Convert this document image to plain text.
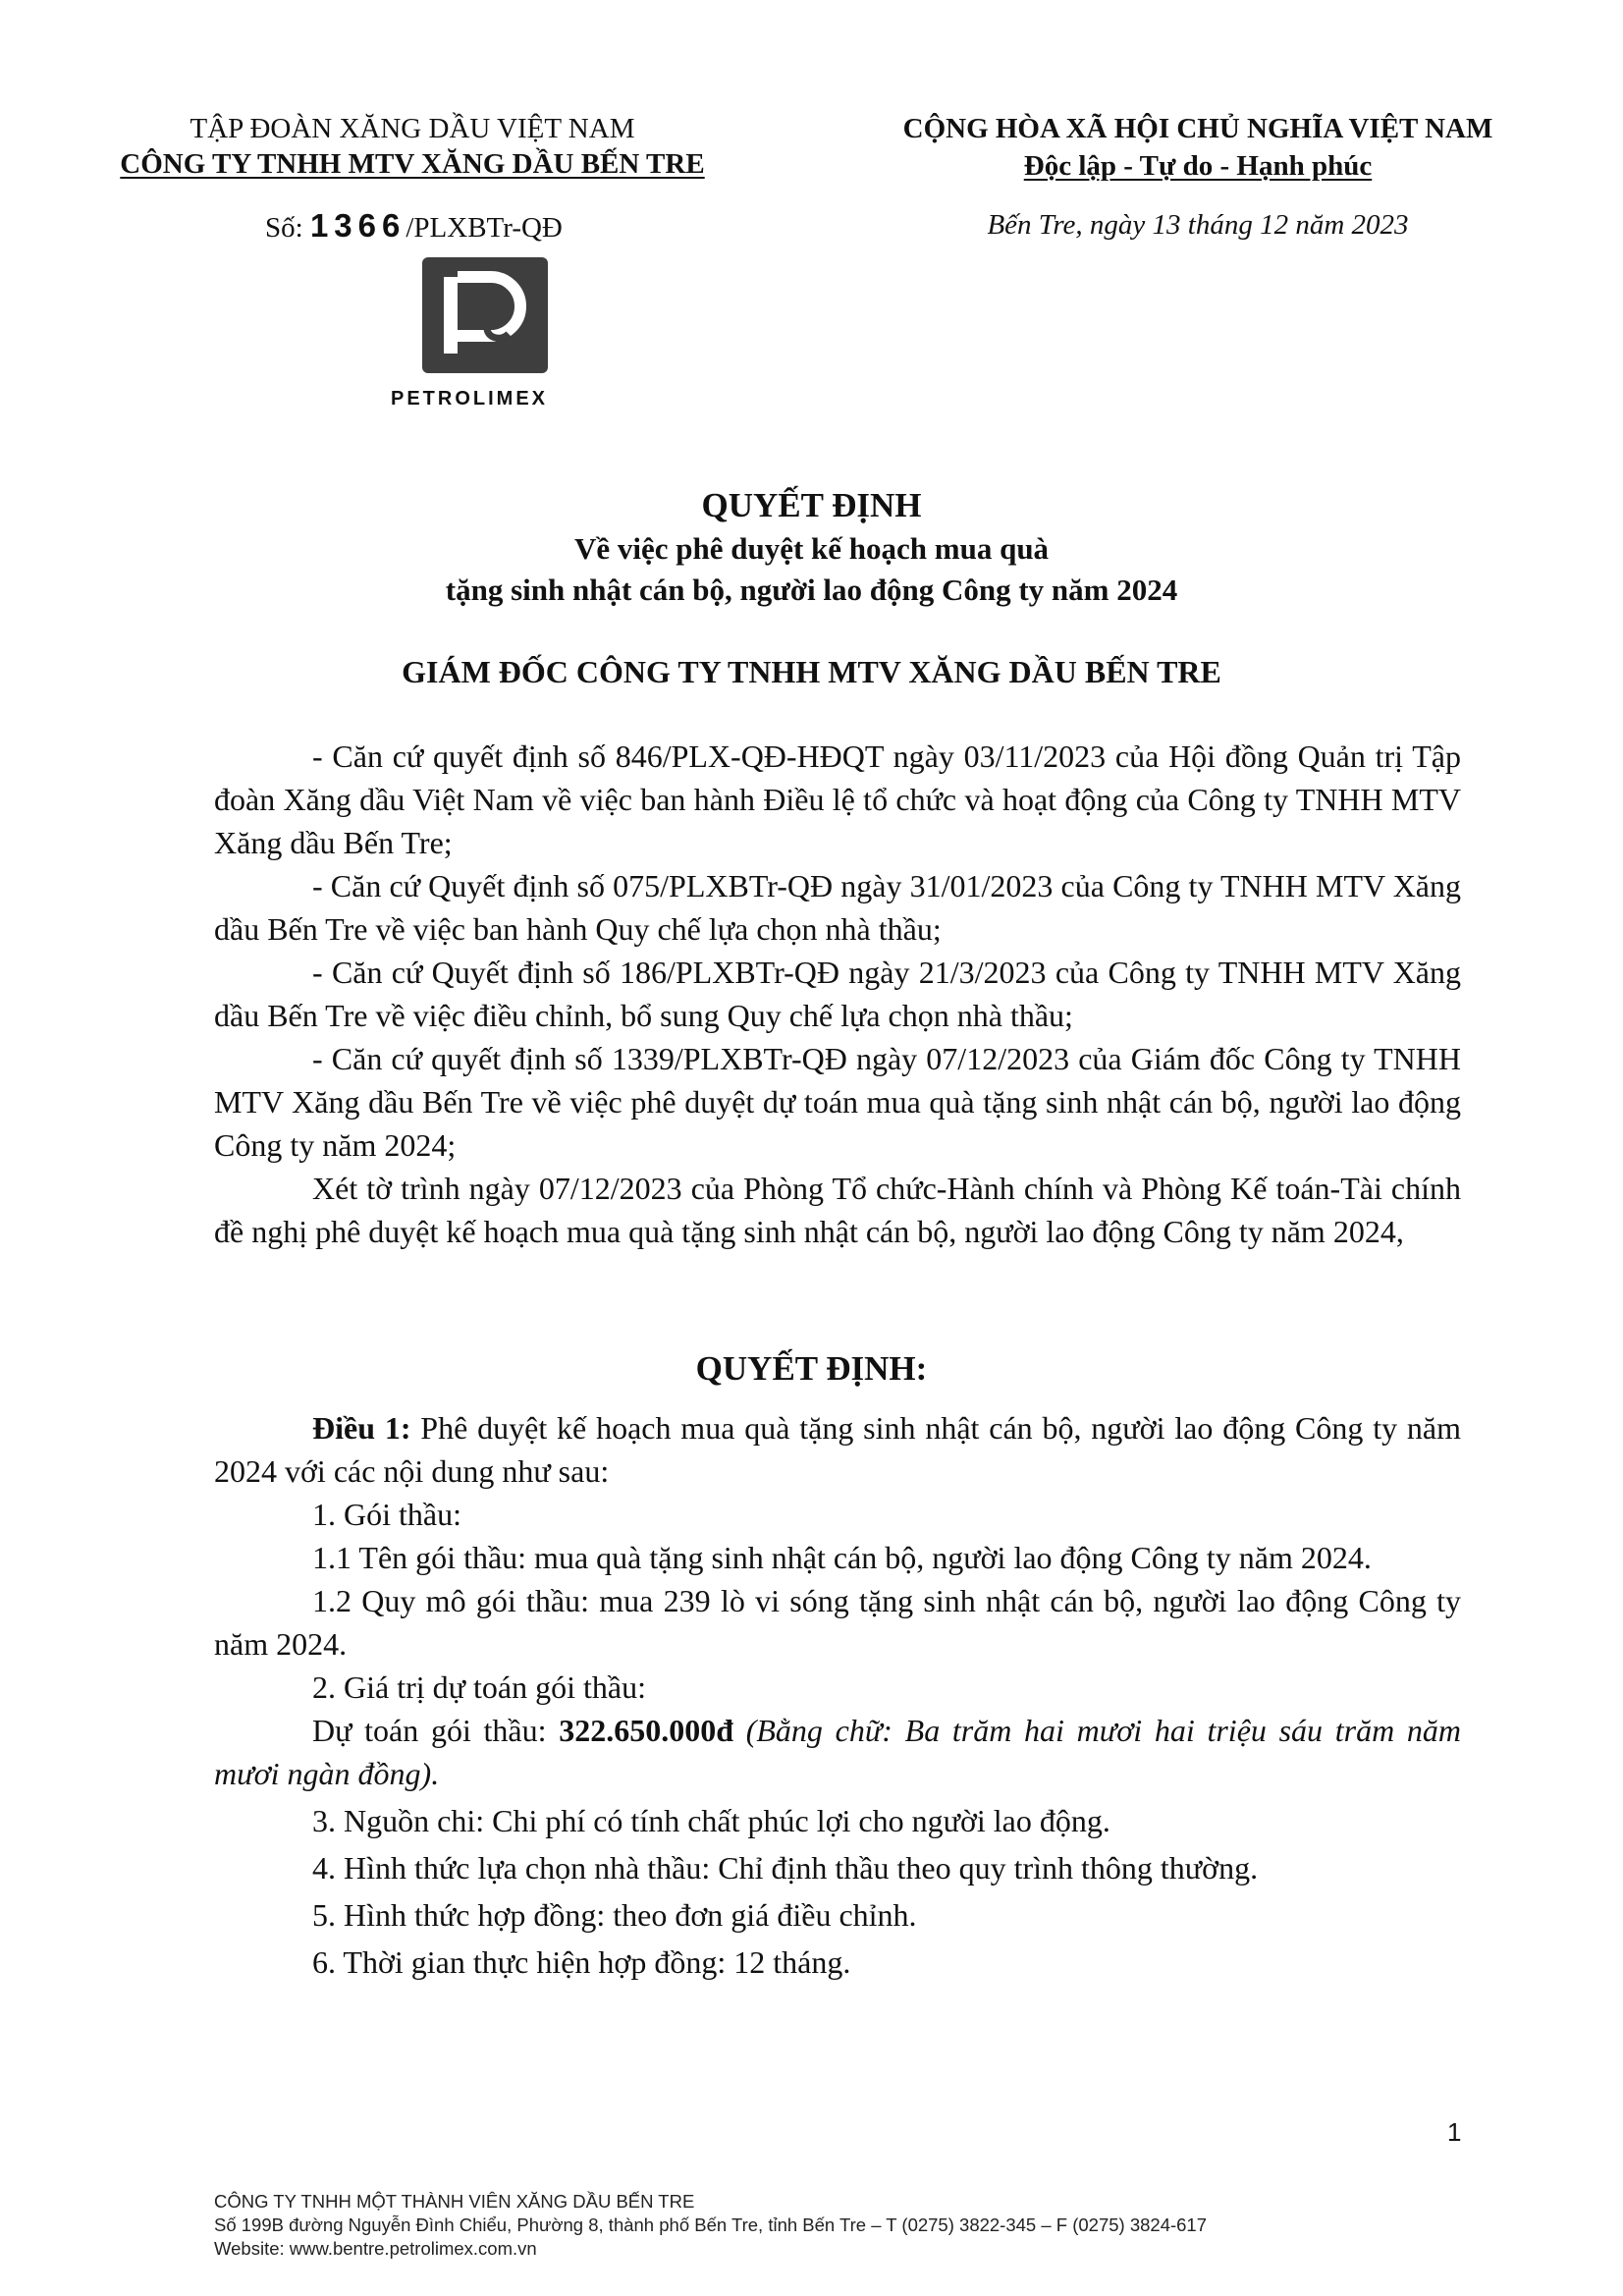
TẬP ĐOÀN XĂNG DẦU VIỆT NAM
CÔNG TY TNHH MTV XĂNG DẦU BẾN TRE
Số: 1366/PLXBTr-QĐ
PETROLIMEX
CỘNG HÒA XÃ HỘI CHỦ NGHĨA VIỆT NAM
Độc lập - Tự do - Hạnh phúc
Bến Tre, ngày 13 tháng 12 năm 2023
QUYẾT ĐỊNH
Về việc phê duyệt kế hoạch mua quà
tặng sinh nhật cán bộ, người lao động Công ty năm 2024
GIÁM ĐỐC CÔNG TY TNHH MTV XĂNG DẦU BẾN TRE
- Căn cứ quyết định số 846/PLX-QĐ-HĐQT ngày 03/11/2023 của Hội đồng Quản trị Tập đoàn Xăng dầu Việt Nam về việc ban hành Điều lệ tổ chức và hoạt động của Công ty TNHH MTV Xăng dầu Bến Tre;
- Căn cứ Quyết định số 075/PLXBTr-QĐ ngày 31/01/2023 của Công ty TNHH MTV Xăng dầu Bến Tre về việc ban hành Quy chế lựa chọn nhà thầu;
- Căn cứ Quyết định số 186/PLXBTr-QĐ ngày 21/3/2023 của Công ty TNHH MTV Xăng dầu Bến Tre về việc điều chỉnh, bổ sung Quy chế lựa chọn nhà thầu;
- Căn cứ quyết định số 1339/PLXBTr-QĐ ngày 07/12/2023 của Giám đốc Công ty TNHH MTV Xăng dầu Bến Tre về việc phê duyệt dự toán mua quà tặng sinh nhật cán bộ, người lao động Công ty năm 2024;
Xét tờ trình ngày 07/12/2023 của Phòng Tổ chức-Hành chính và Phòng Kế toán-Tài chính đề nghị phê duyệt kế hoạch mua quà tặng sinh nhật cán bộ, người lao động Công ty năm 2024,
QUYẾT ĐỊNH:
Điều 1: Phê duyệt kế hoạch mua quà tặng sinh nhật cán bộ, người lao động Công ty năm 2024 với các nội dung như sau:
1. Gói thầu:
1.1 Tên gói thầu: mua quà tặng sinh nhật cán bộ, người lao động Công ty năm 2024.
1.2 Quy mô gói thầu: mua 239 lò vi sóng tặng sinh nhật cán bộ, người lao động Công ty năm 2024.
2. Giá trị dự toán gói thầu:
Dự toán gói thầu: 322.650.000đ (Bằng chữ: Ba trăm hai mươi hai triệu sáu trăm năm mươi ngàn đồng).
3. Nguồn chi: Chi phí có tính chất phúc lợi cho người lao động.
4. Hình thức lựa chọn nhà thầu: Chỉ định thầu theo quy trình thông thường.
5. Hình thức hợp đồng: theo đơn giá điều chỉnh.
6. Thời gian thực hiện hợp đồng: 12 tháng.
1
CÔNG TY TNHH MỘT THÀNH VIÊN XĂNG DẦU BẾN TRE
Số 199B đường Nguyễn Đình Chiểu, Phường 8, thành phố Bến Tre, tỉnh Bến Tre – T (0275) 3822-345 – F (0275) 3824-617
Website: www.bentre.petrolimex.com.vn
